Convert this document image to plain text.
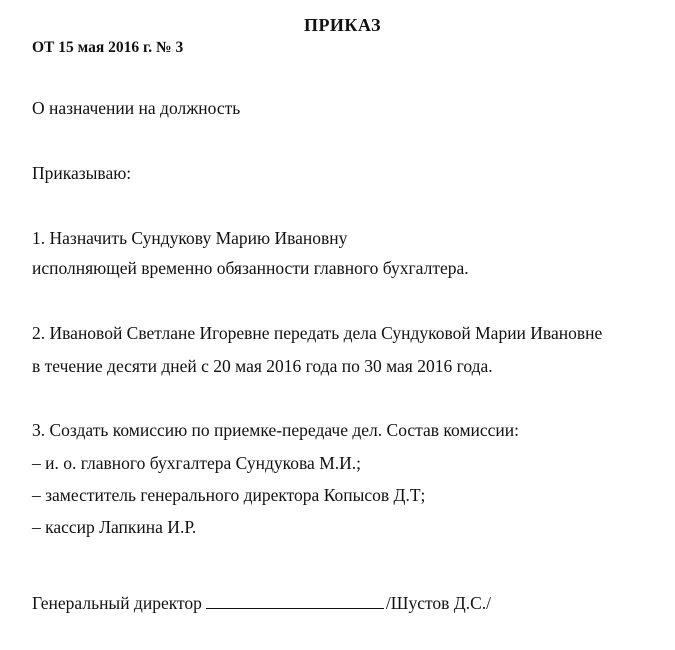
ПРИКАЗ
ОТ 15 мая 2016 г. № 3
О назначении на должность
Приказываю:
1. Назначить Сундукову Марию Ивановну
исполняющей временно обязанности главного бухгалтера.
2. Ивановой Светлане Игоревне передать дела Сундуковой Марии Ивановне
в течение десяти дней с 20 мая 2016 года по 30 мая 2016 года.
3. Создать комиссию по приемке-передаче дел. Состав комиссии:
– и. о. главного бухгалтера Сундукова М.И.;
– заместитель генерального директора Копысов Д.Т;
– кассир Лапкина И.Р.
Генеральный директор	/Шустов Д.С./
